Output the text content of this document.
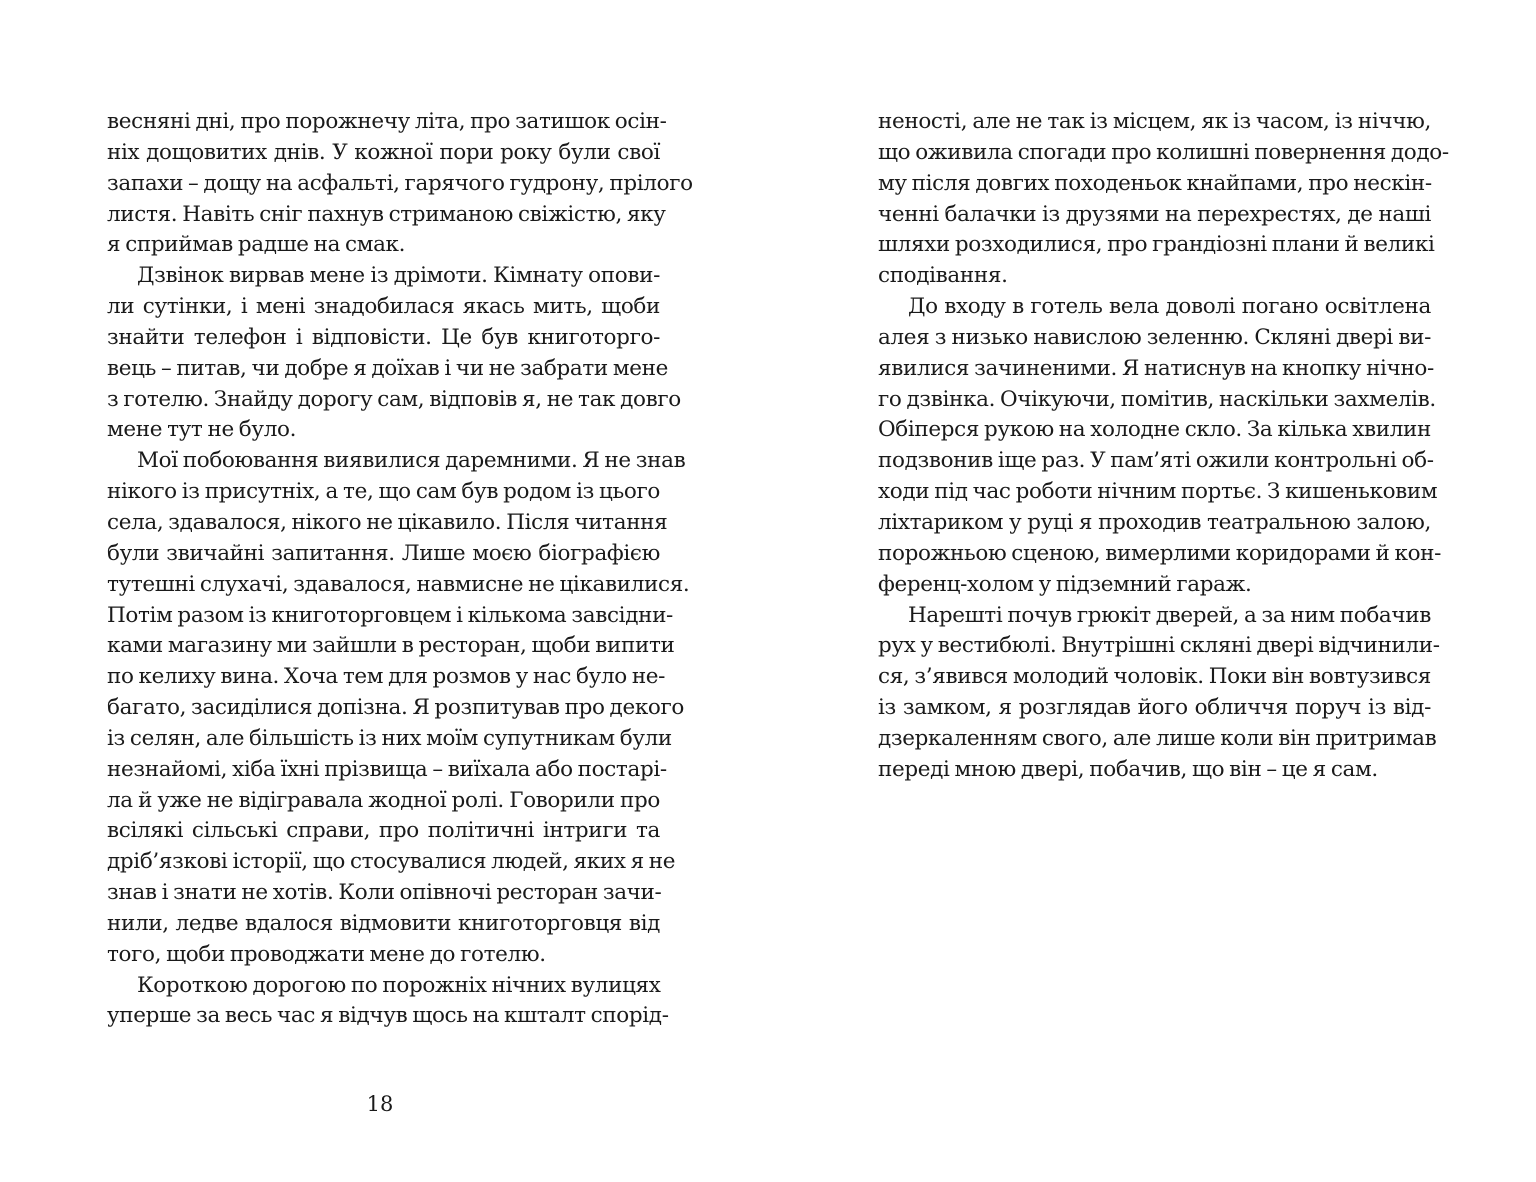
весняні дні, про порожнечу літа, про затишок осін-
ніх дощовитих днів. У кожної пори року були свої
запахи – дощу на асфальті, гарячого гудрону, прілого
листя. Навіть сніг пахнув стриманою свіжістю, яку
я сприймав радше на смак.
Дзвінок вирвав мене із дрімоти. Кімнату опови-
ли сутінки, і мені знадобилася якась мить, щоби
знайти телефон і відповісти. Це був книготорго-
вець – питав, чи добре я доїхав і чи не забрати мене
з готелю. Знайду дорогу сам, відповів я, не так довго
мене тут не було.
Мої побоювання виявилися даремними. Я не знав
нікого із присутніх, а те, що сам був родом із цього
села, здавалося, нікого не цікавило. Після читання
були звичайні запитання. Лише моєю біографією
тутешні слухачі, здавалося, навмисне не цікавилися.
Потім разом із книготорговцем і кількома завсідни-
ками магазину ми зайшли в ресторан, щоби випити
по келиху вина. Хоча тем для розмов у нас було не-
багато, засиділися допізна. Я розпитував про декого
із селян, але більшість із них моїм супутникам були
незнайомі, хіба їхні прізвища – виїхала або постарі-
ла й уже не відігравала жодної ролі. Говорили про
всілякі сільські справи, про політичні інтриги та
дріб’язкові історії, що стосувалися людей, яких я не
знав і знати не хотів. Коли опівночі ресторан зачи-
нили, ледве вдалося відмовити книготорговця від
того, щоби проводжати мене до готелю.
Короткою дорогою по порожніх нічних вулицях
уперше за весь час я відчув щось на кшталт спорід-
18
неності, але не так із місцем, як із часом, із ніччю,
що оживила спогади про колишні повернення додо-
му після довгих походеньок кнайпами, про нескін-
ченні балачки із друзями на перехрестях, де наші
шляхи розходилися, про грандіозні плани й великі
сподівання.
До входу в готель вела доволі погано освітлена
алея з низько навислою зеленню. Скляні двері ви-
явилися зачиненими. Я натиснув на кнопку нічно-
го дзвінка. Очікуючи, помітив, наскільки захмелів.
Обіперся рукою на холодне скло. За кілька хвилин
подзвонив іще раз. У пам’яті ожили контрольні об-
ходи під час роботи нічним портьє. З кишеньковим
ліхтариком у руці я проходив театральною залою,
порожньою сценою, вимерлими коридорами й кон-
ференц-холом у підземний гараж.
Нарешті почув грюкіт дверей, а за ним побачив
рух у вестибюлі. Внутрішні скляні двері відчинили-
ся, з’явився молодий чоловік. Поки він вовтузився
із замком, я розглядав його обличчя поруч із від-
дзеркаленням свого, але лише коли він притримав
переді мною двері, побачив, що він – це я сам.
